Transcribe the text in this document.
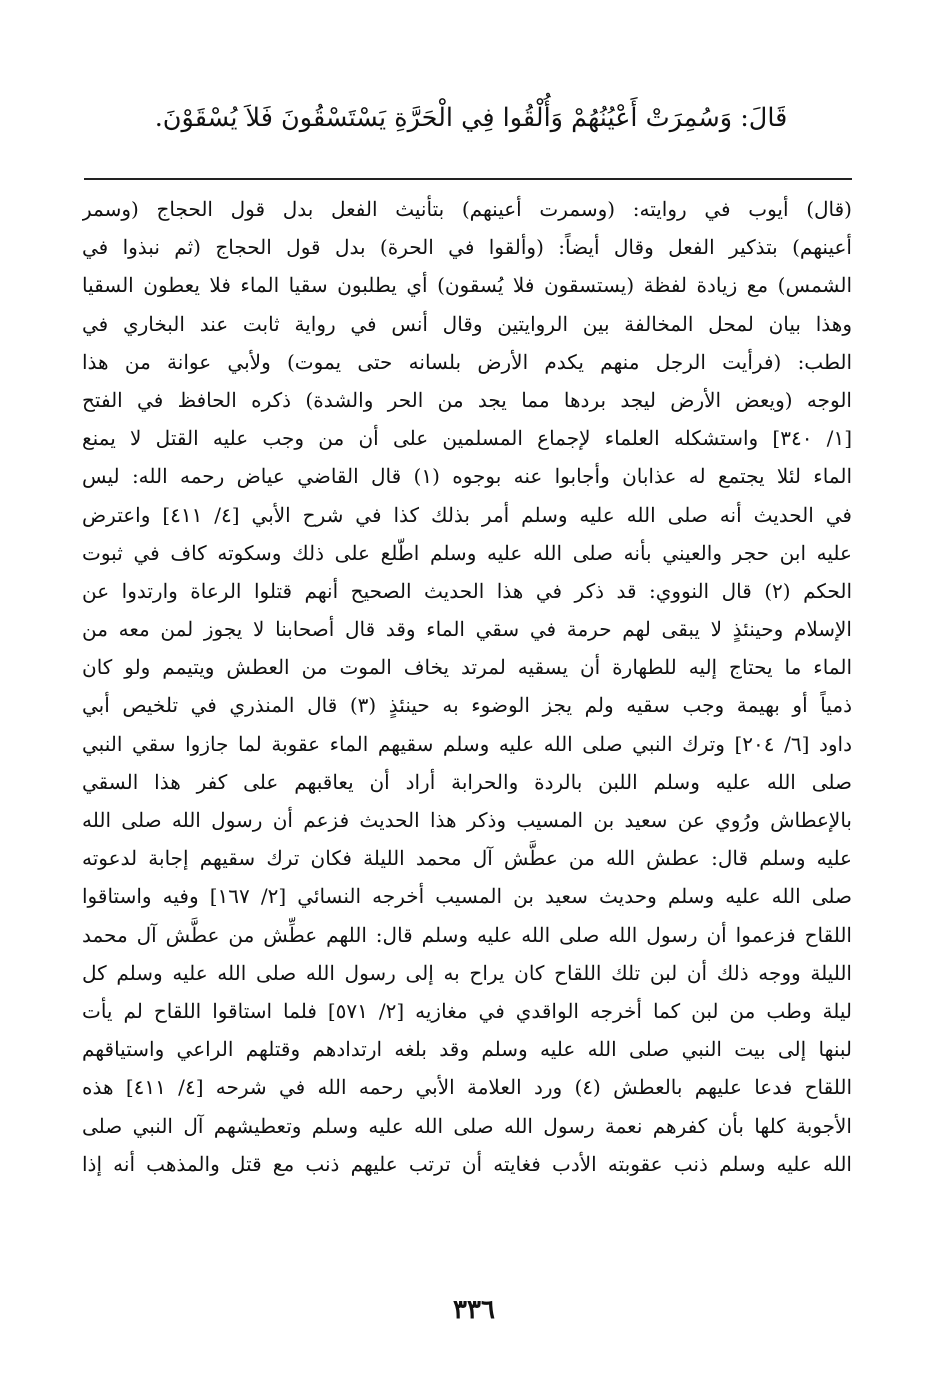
قَالَ: وَسُمِرَتْ أَعْيُنُهُمْ وَأُلْقُوا فِي الْحَرَّةِ يَسْتَسْقُونَ فَلاَ يُسْقَوْنَ.
(قال) أيوب في روايته: (وسمرت أعينهم) بتأنيث الفعل بدل قول الحجاج (وسمر
أعينهم) بتذكير الفعل وقال أيضاً: (وألقوا في الحرة) بدل قول الحجاج (ثم نبذوا في
الشمس) مع زيادة لفظة (يستسقون فلا يُسقون) أي يطلبون سقيا الماء فلا يعطون السقيا
وهذا بيان لمحل المخالفة بين الروايتين وقال أنس في رواية ثابت عند البخاري في
الطب: (فرأيت الرجل منهم يكدم الأرض بلسانه حتى يموت) ولأبي عوانة من هذا
الوجه (ويعض الأرض ليجد بردها مما يجد من الحر والشدة) ذكره الحافظ في الفتح
[١/ ٣٤٠] واستشكله العلماء لإجماع المسلمين على أن من وجب عليه القتل لا يمنع
الماء لئلا يجتمع له عذابان وأجابوا عنه بوجوه (١) قال القاضي عياض رحمه الله: ليس
في الحديث أنه صلى الله عليه وسلم أمر بذلك كذا في شرح الأبي [٤/ ٤١١] واعترض
عليه ابن حجر والعيني بأنه صلى الله عليه وسلم اطّلع على ذلك وسكوته كاف في ثبوت
الحكم (٢) قال النووي: قد ذكر في هذا الحديث الصحيح أنهم قتلوا الرعاة وارتدوا عن
الإسلام وحينئذٍ لا يبقى لهم حرمة في سقي الماء وقد قال أصحابنا لا يجوز لمن معه من
الماء ما يحتاج إليه للطهارة أن يسقيه لمرتد يخاف الموت من العطش ويتيمم ولو كان
ذمياً أو بهيمة وجب سقيه ولم يجز الوضوء به حينئذٍ (٣) قال المنذري في تلخيص أبي
داود [٦/ ٢٠٤] وترك النبي صلى الله عليه وسلم سقيهم الماء عقوبة لما جازوا سقي النبي
صلى الله عليه وسلم اللبن بالردة والحرابة أراد أن يعاقبهم على كفر هذا السقي
بالإعطاش ورُوي عن سعيد بن المسيب وذكر هذا الحديث فزعم أن رسول الله صلى الله
عليه وسلم قال: عطش الله من عطَّش آل محمد الليلة فكان ترك سقيهم إجابة لدعوته
صلى الله عليه وسلم وحديث سعيد بن المسيب أخرجه النسائي [٢/ ١٦٧] وفيه واستاقوا
اللقاح فزعموا أن رسول الله صلى الله عليه وسلم قال: اللهم عطِّش من عطَّش آل محمد
الليلة ووجه ذلك أن لبن تلك اللقاح كان يراح به إلى رسول الله صلى الله عليه وسلم كل
ليلة وطب من لبن كما أخرجه الواقدي في مغازيه [٢/ ٥٧١] فلما استاقوا اللقاح لم يأت
لبنها إلى بيت النبي صلى الله عليه وسلم وقد بلغه ارتدادهم وقتلهم الراعي واستياقهم
اللقاح فدعا عليهم بالعطش (٤) ورد العلامة الأبي رحمه الله في شرحه [٤/ ٤١١] هذه
الأجوبة كلها بأن كفرهم نعمة رسول الله صلى الله عليه وسلم وتعطيشهم آل النبي صلى
الله عليه وسلم ذنب عقوبته الأدب فغايته أن ترتب عليهم ذنب مع قتل والمذهب أنه إذا
٣٣٦
